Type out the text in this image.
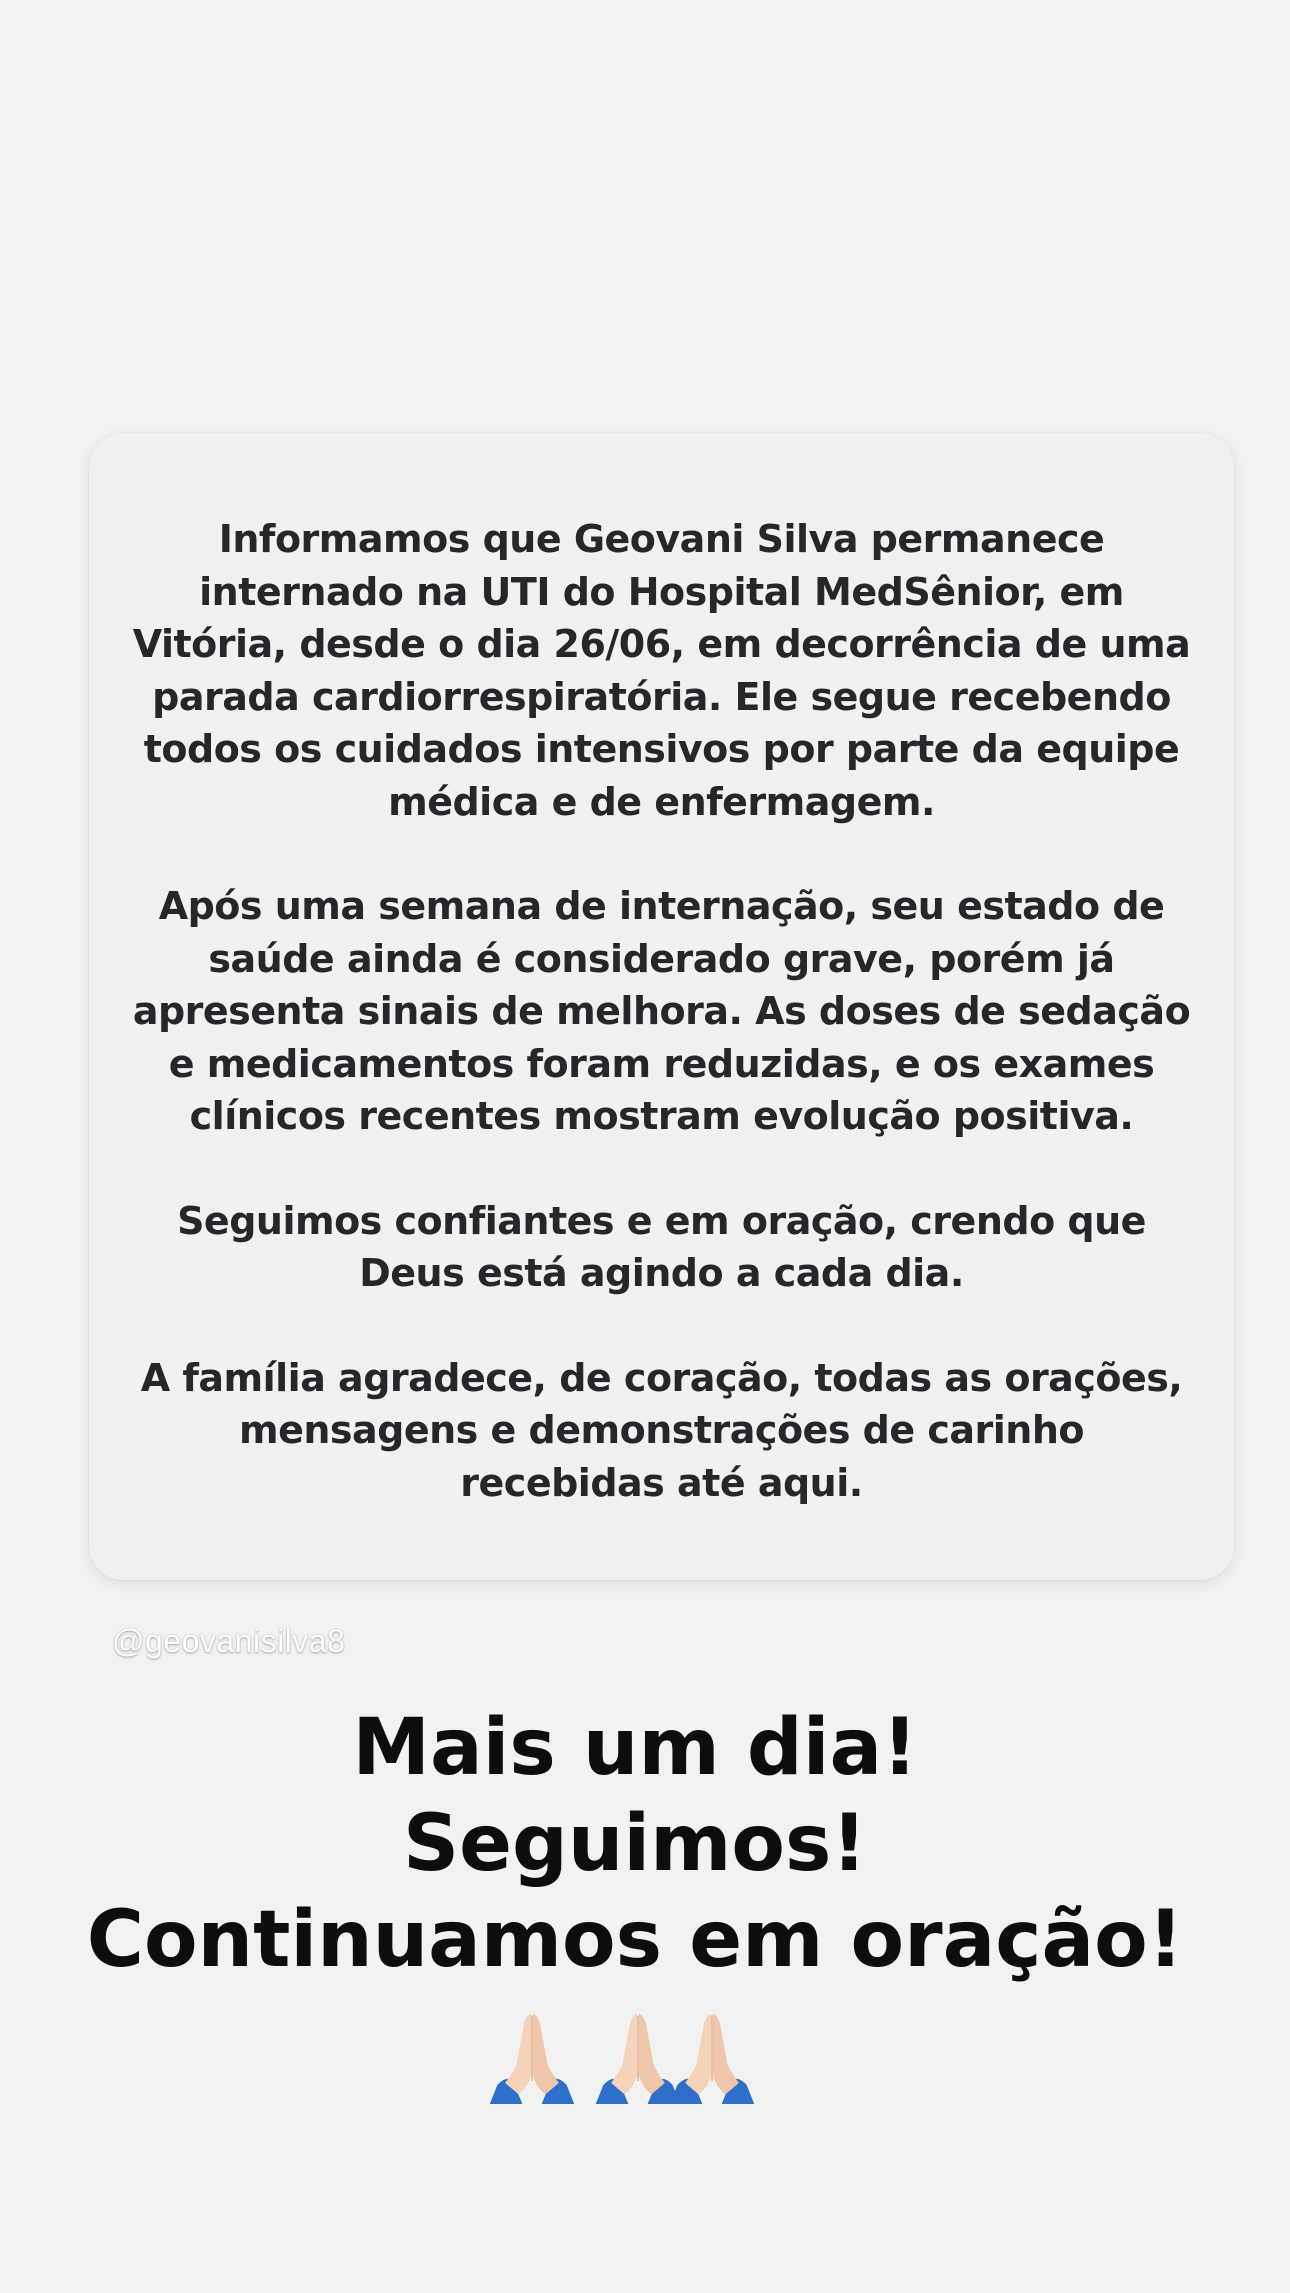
Informamos que Geovani Silva permanece
internado na UTI do Hospital MedSênior, em
Vitória, desde o dia 26/06, em decorrência de uma
parada cardiorrespiratória. Ele segue recebendo
todos os cuidados intensivos por parte da equipe
médica e de enfermagem.

Após uma semana de internação, seu estado de
saúde ainda é considerado grave, porém já
apresenta sinais de melhora. As doses de sedação
e medicamentos foram reduzidas, e os exames
clínicos recentes mostram evolução positiva.

Seguimos confiantes e em oração, crendo que
Deus está agindo a cada dia.

A família agradece, de coração, todas as orações,
mensagens e demonstrações de carinho
recebidas até aqui.

@geovanisilva8
Mais um dia!
Seguimos!
Continuamos em oração!
